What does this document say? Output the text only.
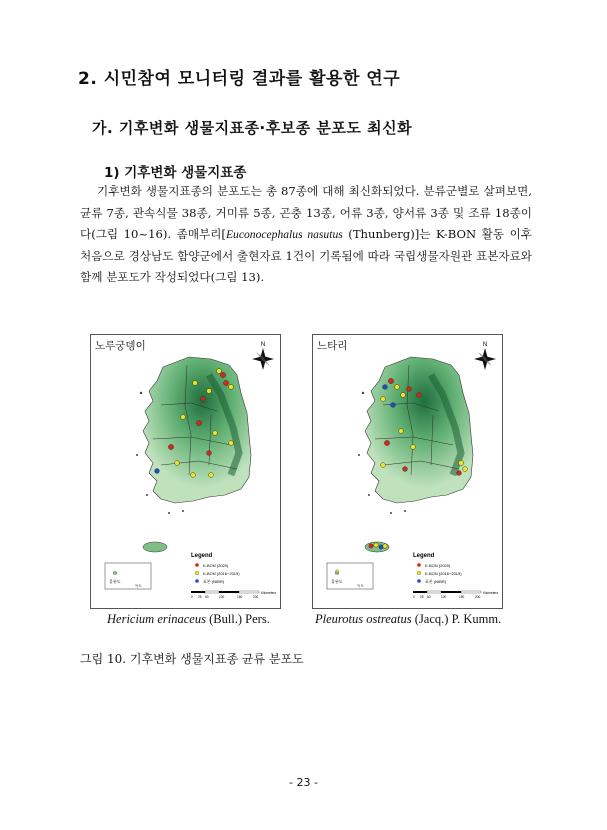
2. 시민참여 모니터링 결과를 활용한 연구
가. 기후변화 생물지표종·후보종 분포도 최신화
1) 기후변화 생물지표종
기후변화 생물지표종의 분포도는 총 87종에 대해 최신화되었다. 분류군별로 살펴보면, 균류 7종, 관속식물 38종, 거미류 5종, 곤충 13종, 어류 3종, 양서류 3종 및 조류 18종이다(그림 10~16). 좀매부리[Euconocephalus nasutus (Thunberg)]는 K-BON 활동 이후 처음으로 경상남도 함양군에서 출현자료 1건이 기록됨에 따라 국립생물자원관 표본자료와 함께 분포도가 작성되었다(그림 13).
N
울릉도
독도
Legend
K-BON (2020)
K-BON (2016~2019)
표본 (NIBR)
0 25 50	100	150	200
Kilometers
노루궁뎅이	N
울릉도
독도
Legend
K-BON (2020)
K-BON (2016~2019)
표본 (NIBR)
0 25 50	100	150	200
Kilometers
느타리
Hericium erinaceus (Bull.) Pers.	Pleurotus ostreatus (Jacq.) P. Kumm.
그림 10. 기후변화 생물지표종 균류 분포도
- 23 -
